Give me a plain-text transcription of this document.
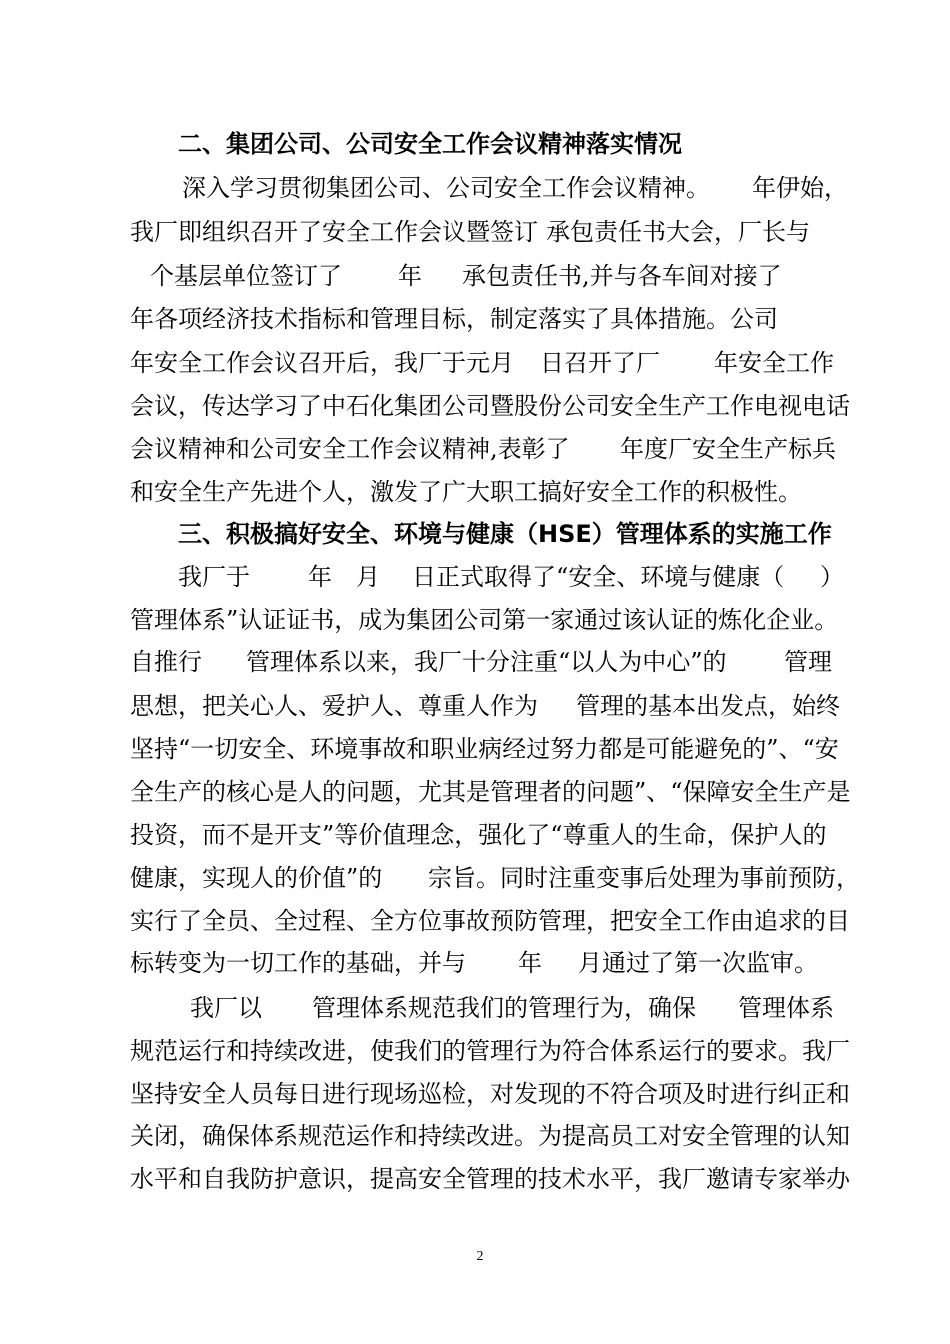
二、集团公司、公司安全工作会议精神落实情况

深入学习贯彻集团公司、公司安全工作会议精神。

年伊始，

我厂即组织召开了安全工作会议暨签订

承包责任书大会，厂长与

个基层单位签订了

年

承包责任书,并与各车间对接了

年各项经济技术指标和管理目标，制定落实了具体措施。公司

年安全工作会议召开后，我厂于元月

日召开了厂

年安全工作

会议，传达学习了中石化集团公司暨股份公司安全生产工作电视电话

会议精神和公司安全工作会议精神,表彰了

年度厂安全生产标兵

和安全生产先进个人，激发了广大职工搞好安全工作的积极性。

三、积极搞好安全、环境与健康（HSE）管理体系的实施工作

我厂于

年

月

日正式取得了“安全、环境与健康（

）

管理体系”认证证书，成为集团公司第一家通过该认证的炼化企业。

自推行

管理体系以来，我厂十分注重“以人为中心”的

管理

思想，把关心人、爱护人、尊重人作为

管理的基本出发点，始终

坚持“一切安全、环境事故和职业病经过努力都是可能避免的”、“安

全生产的核心是人的问题，尤其是管理者的问题”、“保障安全生产是

投资，而不是开支”等价值理念，强化了“尊重人的生命，保护人的

健康，实现人的价值”的

宗旨。同时注重变事后处理为事前预防，

实行了全员、全过程、全方位事故预防管理，把安全工作由追求的目

标转变为一切工作的基础，并与

年

月通过了第一次监审。

我厂以

管理体系规范我们的管理行为，确保

管理体系

规范运行和持续改进，使我们的管理行为符合体系运行的要求。我厂

坚持安全人员每日进行现场巡检，对发现的不符合项及时进行纠正和

关闭，确保体系规范运作和持续改进。为提高员工对安全管理的认知

水平和自我防护意识，提高安全管理的技术水平，我厂邀请专家举办

2
